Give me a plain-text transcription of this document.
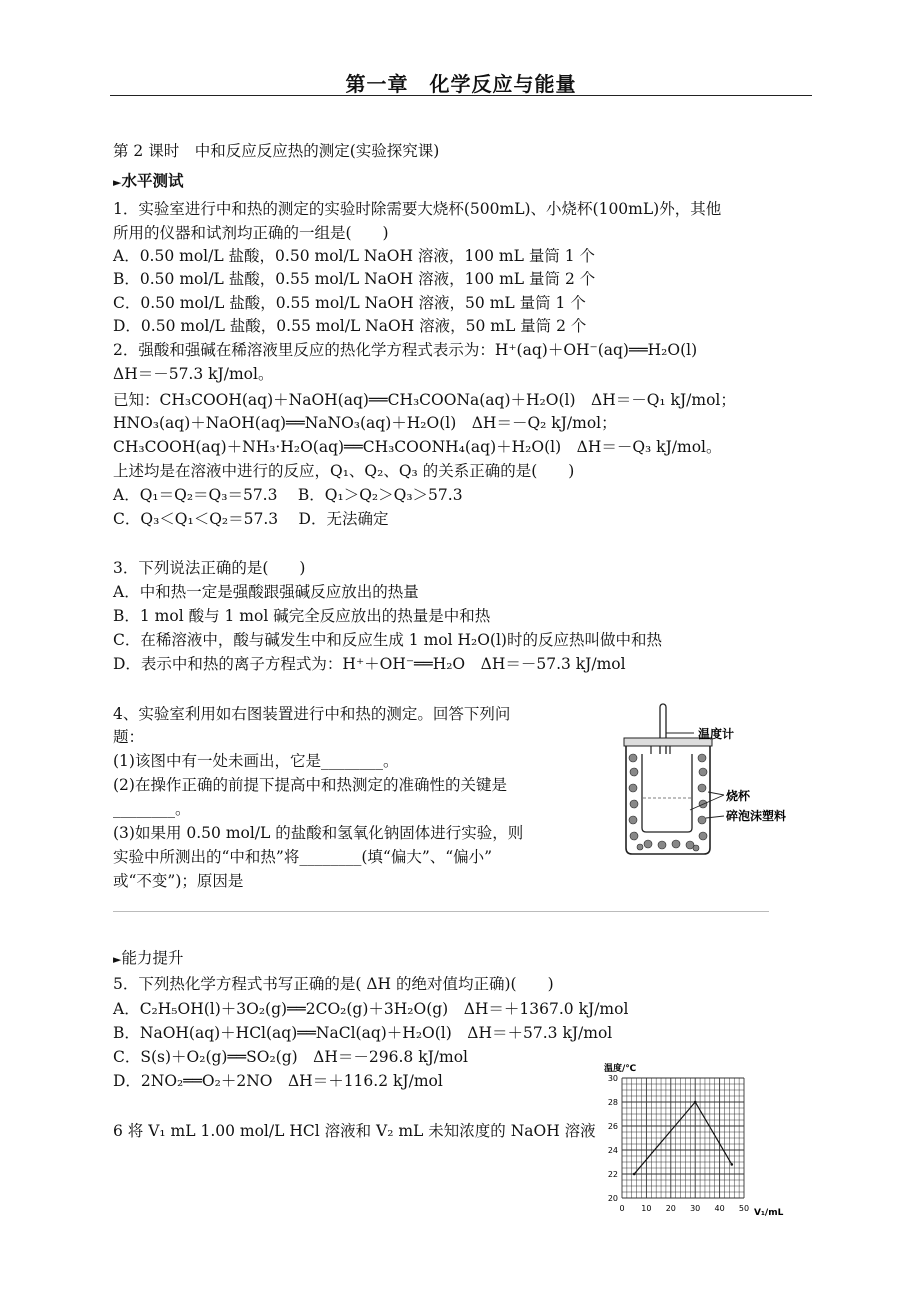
第一章　化学反应与能量
第 2 课时　中和反应反应热的测定(实验探究课)
►水平测试
1．实验室进行中和热的测定的实验时除需要大烧杯(500mL)、小烧杯(100mL)外，其他
所用的仪器和试剂均正确的一组是(　　)
A．0.50 mol/L 盐酸，0.50 mol/L NaOH 溶液，100 mL 量筒 1 个
B．0.50 mol/L 盐酸，0.55 mol/L NaOH 溶液，100 mL 量筒 2 个
C．0.50 mol/L 盐酸，0.55 mol/L NaOH 溶液，50 mL 量筒 1 个
D．0.50 mol/L 盐酸，0.55 mol/L NaOH 溶液，50 mL 量筒 2 个
2．强酸和强碱在稀溶液里反应的热化学方程式表示为：H⁺(aq)＋OH⁻(aq)══H₂O(l)
ΔH＝－57.3 kJ/mol。
已知：CH₃COOH(aq)＋NaOH(aq)══CH₃COONa(aq)＋H₂O(l)　ΔH＝－Q₁ kJ/mol；
HNO₃(aq)＋NaOH(aq)══NaNO₃(aq)＋H₂O(l)　ΔH＝－Q₂ kJ/mol；
CH₃COOH(aq)＋NH₃·H₂O(aq)══CH₃COONH₄(aq)＋H₂O(l)　ΔH＝－Q₃ kJ/mol。
上述均是在溶液中进行的反应，Q₁、Q₂、Q₃ 的关系正确的是(　　)
A．Q₁＝Q₂＝Q₃＝57.3　 B．Q₁＞Q₂＞Q₃＞57.3
C．Q₃＜Q₁＜Q₂＝57.3　 D．无法确定
3．下列说法正确的是(　　)
A．中和热一定是强酸跟强碱反应放出的热量
B．1 mol 酸与 1 mol 碱完全反应放出的热量是中和热
C．在稀溶液中，酸与碱发生中和反应生成 1 mol H₂O(l)时的反应热叫做中和热
D．表示中和热的离子方程式为：H⁺＋OH⁻══H₂O　ΔH＝－57.3 kJ/mol
4、实验室利用如右图装置进行中和热的测定。回答下列问
题：
(1)该图中有一处未画出，它是________。
(2)在操作正确的前提下提高中和热测定的准确性的关键是
________。
(3)如果用 0.50 mol/L 的盐酸和氢氧化钠固体进行实验，则
实验中所测出的“中和热”将________(填“偏大”、“偏小”
或“不变”)；原因是
温度计
烧杯
碎泡沫塑料
►能力提升
5．下列热化学方程式书写正确的是( ΔH 的绝对值均正确)(　　)
A．C₂H₅OH(l)＋3O₂(g)══2CO₂(g)＋3H₂O(g)　ΔH＝＋1367.0 kJ/mol
B．NaOH(aq)＋HCl(aq)══NaCl(aq)＋H₂O(l)　ΔH＝＋57.3 kJ/mol
C．S(s)＋O₂(g)══SO₂(g)　ΔH＝－296.8 kJ/mol
D．2NO₂══O₂＋2NO　ΔH＝＋116.2 kJ/mol
6 将 V₁ mL 1.00 mol/L HCl 溶液和 V₂ mL 未知浓度的 NaOH 溶液
温度/℃
V₁/mL
20
22
24
26
28
30
0 10 20 30 40 50
